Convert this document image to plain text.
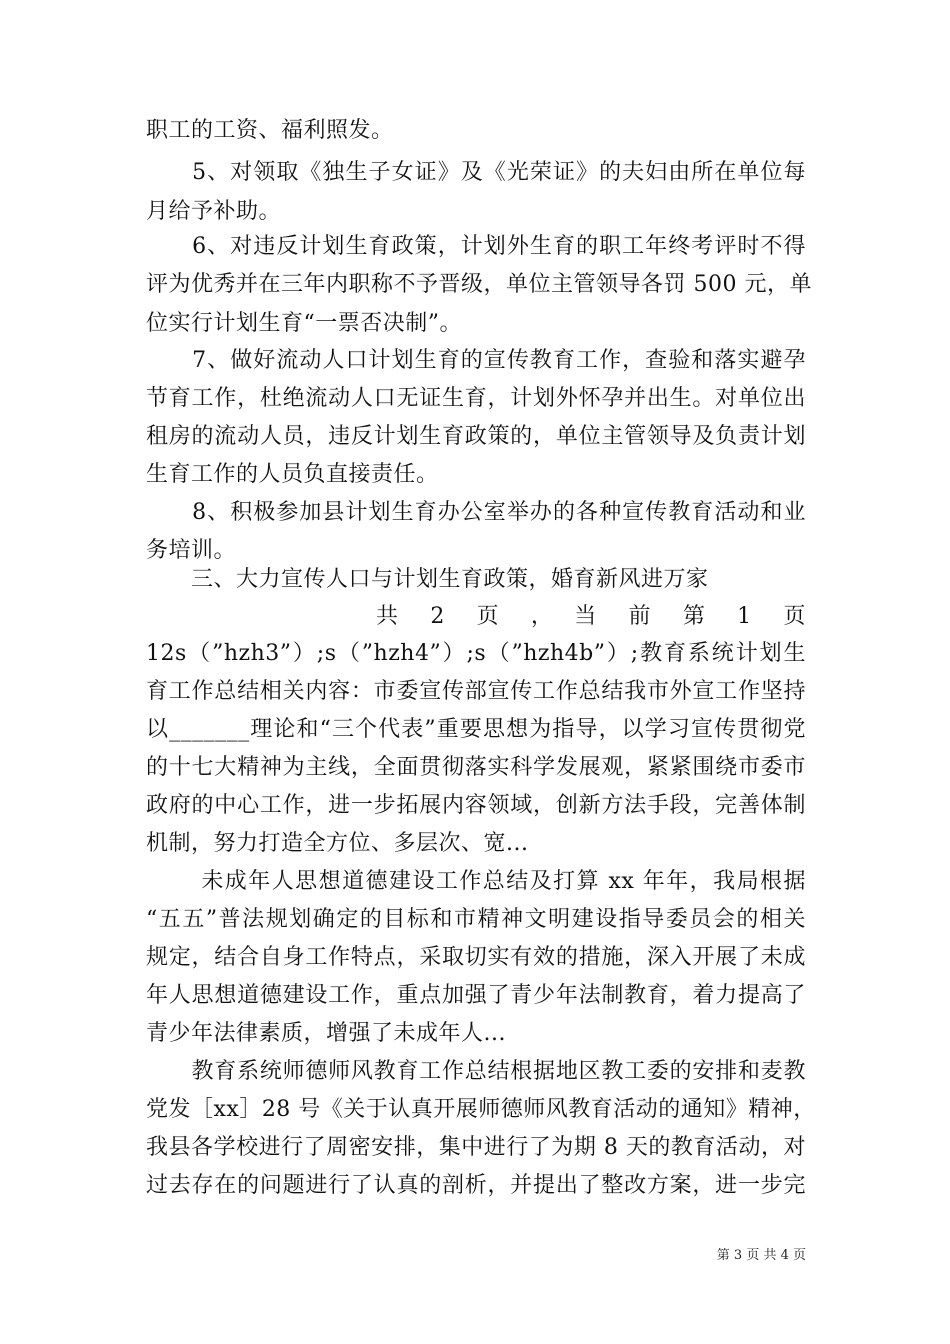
职工的工资、福利照发。
　　5、对领取《独生子女证》及《光荣证》的夫妇由所在单位每
月给予补助。
　　6、对违反计划生育政策，计划外生育的职工年终考评时不得
评为优秀并在三年内职称不予晋级，单位主管领导各罚 500 元，单
位实行计划生育“一票否决制”。
　　7、做好流动人口计划生育的宣传教育工作，查验和落实避孕
节育工作，杜绝流动人口无证生育，计划外怀孕并出生。对单位出
租房的流动人员，违反计划生育政策的，单位主管领导及负责计划
生育工作的人员负直接责任。
　　8、积极参加县计划生育办公室举办的各种宣传教育活动和业
务培训。
　　三、大力宣传人口与计划生育政策，婚育新风进万家
共　2　页　，　当　前　第　1　页
12s（”hzh3”）;s（”hzh4”）;s（”hzh4b”）;教育系统计划生
育工作总结相关内容：市委宣传部宣传工作总结我市外宣工作坚持
以_______理论和“三个代表”重要思想为指导，以学习宣传贯彻党
的十七大精神为主线，全面贯彻落实科学发展观，紧紧围绕市委市
政府的中心工作，进一步拓展内容领域，创新方法手段，完善体制
机制，努力打造全方位、多层次、宽...
　　 未成年人思想道德建设工作总结及打算 xx 年年，我局根据
“五五”普法规划确定的目标和市精神文明建设指导委员会的相关
规定，结合自身工作特点，采取切实有效的措施，深入开展了未成
年人思想道德建设工作，重点加强了青少年法制教育，着力提高了
青少年法律素质，增强了未成年人...
　　教育系统师德师风教育工作总结根据地区教工委的安排和麦教
党发［xx］28 号《关于认真开展师德师风教育活动的通知》精神，
我县各学校进行了周密安排，集中进行了为期 8 天的教育活动，对
过去存在的问题进行了认真的剖析，并提出了整改方案，进一步完
第 3 页 共 4 页
